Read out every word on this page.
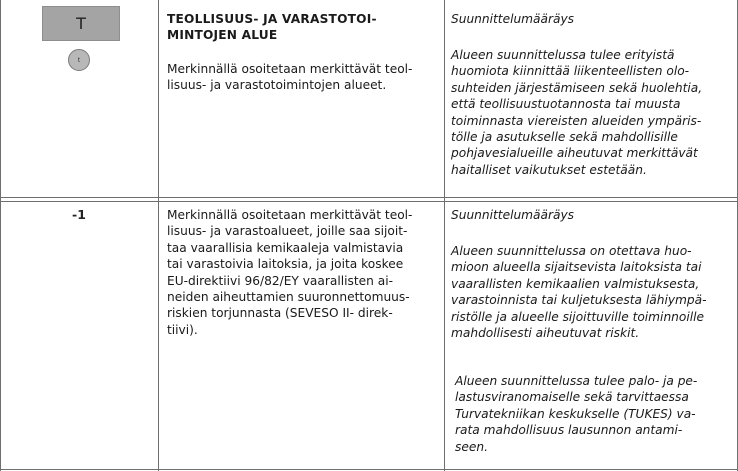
T
t
TEOLLISUUS- JA VARASTOTOI-
MINTOJEN ALUE
Merkinnällä osoitetaan merkittävät teol-
lisuus- ja varastotoimintojen alueet.
Suunnittelumääräys
Alueen suunnittelussa tulee erityistä
huomiota kiinnittää liikenteellisten olo-
suhteiden järjestämiseen sekä huolehtia,
että teollisuustuotannosta tai muusta
toiminnasta viereisten alueiden ympäris-
tölle ja asutukselle sekä mahdollisille
pohjavesialueille aiheutuvat merkittävät
haitalliset vaikutukset estetään.
-1	Merkinnällä osoitetaan merkittävät teol-
lisuus- ja varastoalueet, joille saa sijoit-
taa vaarallisia kemikaaleja valmistavia
tai varastoivia laitoksia, ja joita koskee
EU-direktiivi 96/82/EY vaarallisten ai-
neiden aiheuttamien suuronnettomuus-
riskien torjunnasta (SEVESO II- direk-
tiivi).
Suunnittelumääräys
Alueen suunnittelussa on otettava huo-
mioon alueella sijaitsevista laitoksista tai
vaarallisten kemikaalien valmistuksesta,
varastoinnista tai kuljetuksesta lähiympä-
ristölle ja alueelle sijoittuville toiminnoille
mahdollisesti aiheutuvat riskit.
Alueen suunnittelussa tulee palo- ja pe-
lastusviranomaiselle sekä tarvittaessa
Turvatekniikan keskukselle (TUKES) va-
rata mahdollisuus lausunnon antami-
seen.
